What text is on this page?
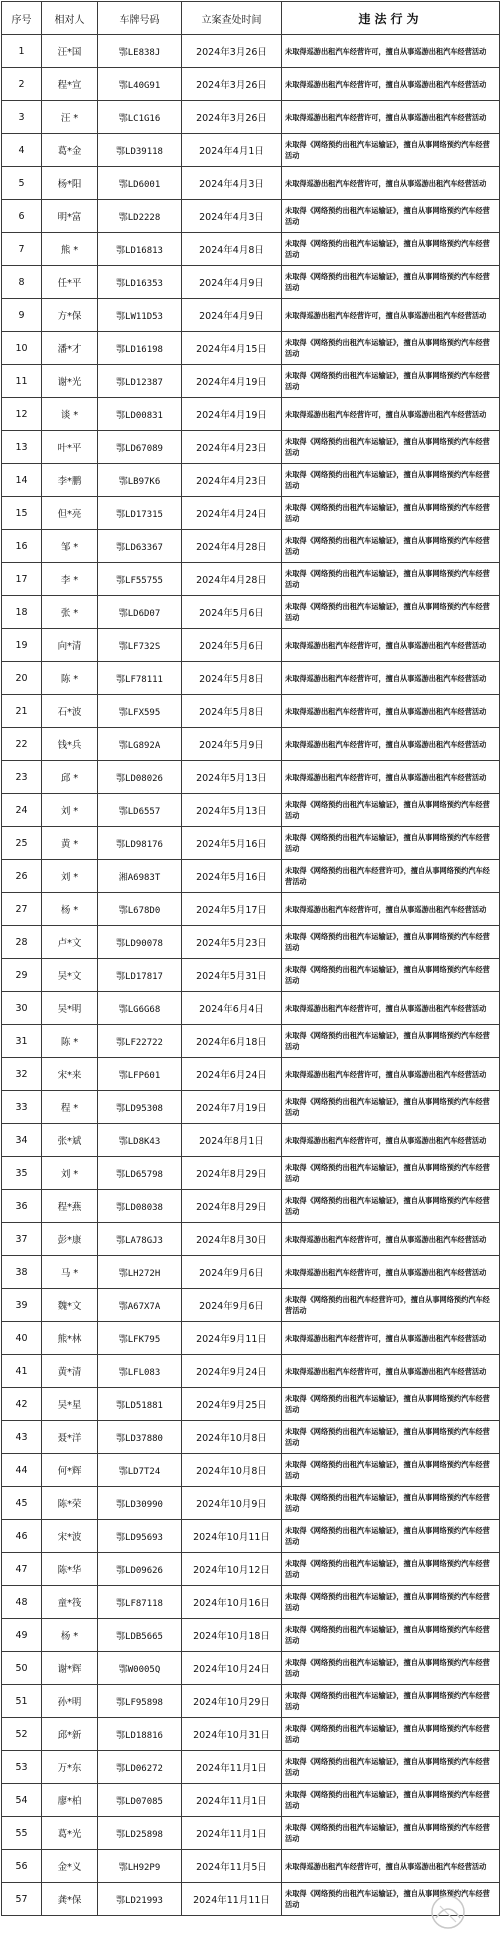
序号	相对人	车牌号码	立案查处时间	违法行为
1	汪*国	鄂LE838J	2024年3月26日	未取得巡游出租汽车经营许可，擅自从事巡游出租汽车经营活动
2	程*宣	鄂L40G91	2024年3月26日	未取得巡游出租汽车经营许可，擅自从事巡游出租汽车经营活动
3	汪 *	鄂LC1G16	2024年3月26日	未取得巡游出租汽车经营许可，擅自从事巡游出租汽车经营活动
4	葛*金	鄂LD39118	2024年4月1日	未取得《网络预约出租汽车运输证》，擅自从事网络预约汽车经营活动
5	杨*阳	鄂LD6001	2024年4月3日	未取得巡游出租汽车经营许可，擅自从事巡游出租汽车经营活动
6	明*富	鄂LD2228	2024年4月3日	未取得《网络预约出租汽车运输证》，擅自从事网络预约汽车经营活动
7	熊 *	鄂LD16813	2024年4月8日	未取得《网络预约出租汽车运输证》，擅自从事网络预约汽车经营活动
8	任*平	鄂LD16353	2024年4月9日	未取得《网络预约出租汽车运输证》，擅自从事网络预约汽车经营活动
9	方*保	鄂LW11D53	2024年4月9日	未取得巡游出租汽车经营许可，擅自从事巡游出租汽车经营活动
10	潘*才	鄂LD16198	2024年4月15日	未取得《网络预约出租汽车运输证》，擅自从事网络预约汽车经营活动
11	谢*光	鄂LD12387	2024年4月19日	未取得《网络预约出租汽车运输证》，擅自从事网络预约汽车经营活动
12	谈 *	鄂LD00831	2024年4月19日	未取得巡游出租汽车经营许可，擅自从事巡游出租汽车经营活动
13	叶*平	鄂LD67089	2024年4月23日	未取得《网络预约出租汽车运输证》，擅自从事网络预约汽车经营活动
14	李*鹏	鄂LB97K6	2024年4月23日	未取得《网络预约出租汽车运输证》，擅自从事网络预约汽车经营活动
15	但*亮	鄂LD17315	2024年4月24日	未取得《网络预约出租汽车运输证》，擅自从事网络预约汽车经营活动
16	邹 *	鄂LD63367	2024年4月28日	未取得《网络预约出租汽车运输证》，擅自从事网络预约汽车经营活动
17	李 *	鄂LF55755	2024年4月28日	未取得《网络预约出租汽车运输证》，擅自从事网络预约汽车经营活动
18	张 *	鄂LD6D07	2024年5月6日	未取得《网络预约出租汽车运输证》，擅自从事网络预约汽车经营活动
19	向*清	鄂LF732S	2024年5月6日	未取得巡游出租汽车经营许可，擅自从事巡游出租汽车经营活动
20	陈 *	鄂LF78111	2024年5月8日	未取得巡游出租汽车经营许可，擅自从事巡游出租汽车经营活动
21	石*波	鄂LFX595	2024年5月8日	未取得巡游出租汽车经营许可，擅自从事巡游出租汽车经营活动
22	钱*兵	鄂LG892A	2024年5月9日	未取得巡游出租汽车经营许可，擅自从事巡游出租汽车经营活动
23	邱 *	鄂LD08026	2024年5月13日	未取得巡游出租汽车经营许可，擅自从事巡游出租汽车经营活动
24	刘 *	鄂LD6557	2024年5月13日	未取得《网络预约出租汽车运输证》，擅自从事网络预约汽车经营活动
25	黄 *	鄂LD98176	2024年5月16日	未取得《网络预约出租汽车运输证》，擅自从事网络预约汽车经营活动
26	刘 *	湘A6983T	2024年5月16日	未取得《网络预约出租汽车经营许可》，擅自从事网络预约汽车经营活动
27	杨 *	鄂L678D0	2024年5月17日	未取得巡游出租汽车经营许可，擅自从事巡游出租汽车经营活动
28	卢*文	鄂LD90078	2024年5月23日	未取得《网络预约出租汽车运输证》，擅自从事网络预约汽车经营活动
29	吴*文	鄂LD17817	2024年5月31日	未取得《网络预约出租汽车运输证》，擅自从事网络预约汽车经营活动
30	吴*明	鄂LG6G68	2024年6月4日	未取得巡游出租汽车经营许可，擅自从事巡游出租汽车经营活动
31	陈 *	鄂LF22722	2024年6月18日	未取得《网络预约出租汽车运输证》，擅自从事网络预约汽车经营活动
32	宋*来	鄂LFP601	2024年6月24日	未取得巡游出租汽车经营许可，擅自从事巡游出租汽车经营活动
33	程 *	鄂LD95308	2024年7月19日	未取得《网络预约出租汽车运输证》，擅自从事网络预约汽车经营活动
34	张*斌	鄂LD8K43	2024年8月1日	未取得巡游出租汽车经营许可，擅自从事巡游出租汽车经营活动
35	刘 *	鄂LD65798	2024年8月29日	未取得《网络预约出租汽车运输证》，擅自从事网络预约汽车经营活动
36	程*燕	鄂LD08038	2024年8月29日	未取得《网络预约出租汽车运输证》，擅自从事网络预约汽车经营活动
37	彭*康	鄂LA78GJ3	2024年8月30日	未取得巡游出租汽车经营许可，擅自从事巡游出租汽车经营活动
38	马 *	鄂LH272H	2024年9月6日	未取得巡游出租汽车经营许可，擅自从事巡游出租汽车经营活动
39	魏*文	鄂A67X7A	2024年9月6日	未取得《网络预约出租汽车经营许可》，擅自从事网络预约汽车经营活动
40	熊*林	鄂LFK795	2024年9月11日	未取得巡游出租汽车经营许可，擅自从事巡游出租汽车经营活动
41	黄*清	鄂LFL083	2024年9月24日	未取得巡游出租汽车经营许可，擅自从事巡游出租汽车经营活动
42	吴*星	鄂LD51881	2024年9月25日	未取得《网络预约出租汽车运输证》，擅自从事网络预约汽车经营活动
43	聂*洋	鄂LD37880	2024年10月8日	未取得《网络预约出租汽车运输证》，擅自从事网络预约汽车经营活动
44	何*辉	鄂LD7T24	2024年10月8日	未取得《网络预约出租汽车运输证》，擅自从事网络预约汽车经营活动
45	陈*荣	鄂LD30990	2024年10月9日	未取得《网络预约出租汽车运输证》，擅自从事网络预约汽车经营活动
46	宋*波	鄂LD95693	2024年10月11日	未取得《网络预约出租汽车运输证》，擅自从事网络预约汽车经营活动
47	陈*华	鄂LD09626	2024年10月12日	未取得《网络预约出租汽车运输证》，擅自从事网络预约汽车经营活动
48	童*筏	鄂LF87118	2024年10月16日	未取得《网络预约出租汽车运输证》，擅自从事网络预约汽车经营活动
49	杨 *	鄂LDB5665	2024年10月18日	未取得《网络预约出租汽车运输证》，擅自从事网络预约汽车经营活动
50	谢*辉	鄂W0005Q	2024年10月24日	未取得《网络预约出租汽车运输证》，擅自从事网络预约汽车经营活动
51	孙*明	鄂LF95898	2024年10月29日	未取得《网络预约出租汽车运输证》，擅自从事网络预约汽车经营活动
52	邱*新	鄂LD18816	2024年10月31日	未取得《网络预约出租汽车运输证》，擅自从事网络预约汽车经营活动
53	万*东	鄂LD06272	2024年11月1日	未取得《网络预约出租汽车运输证》，擅自从事网络预约汽车经营活动
54	廖*柏	鄂LD07085	2024年11月1日	未取得《网络预约出租汽车运输证》，擅自从事网络预约汽车经营活动
55	葛*光	鄂LD25898	2024年11月1日	未取得《网络预约出租汽车运输证》，擅自从事网络预约汽车经营活动
56	金*义	鄂LH92P9	2024年11月5日	未取得巡游出租汽车经营许可，擅自从事巡游出租汽车经营活动
57	龚*保	鄂LD21993	2024年11月11日	未取得《网络预约出租汽车运输证》，擅自从事网络预约汽车经营活动
